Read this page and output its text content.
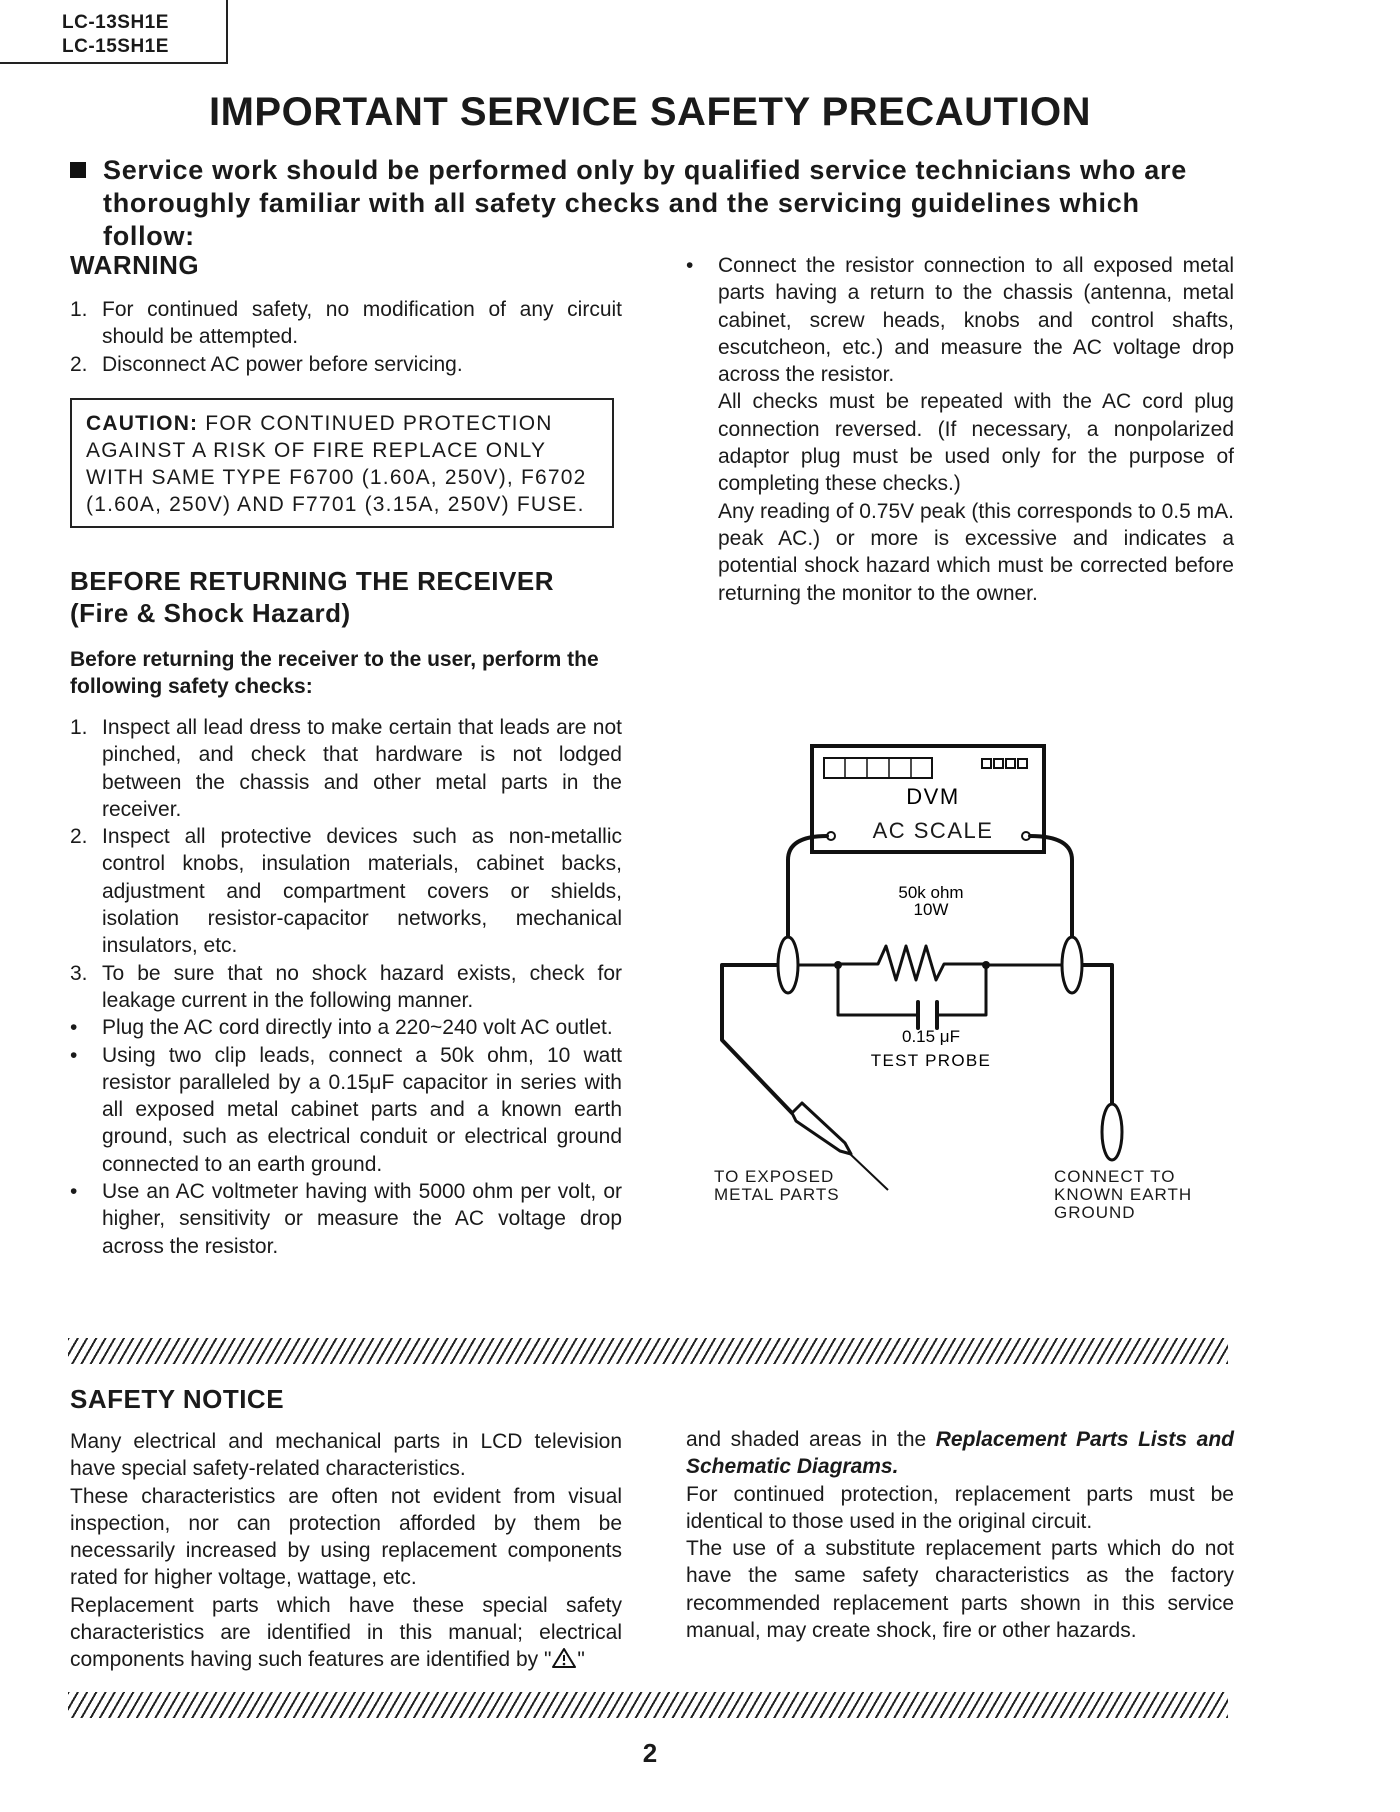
LC-13SH1E
LC-15SH1E
IMPORTANT SERVICE SAFETY PRECAUTION
Service work should be performed only by qualified service technicians who are thoroughly familiar with all safety checks and the servicing guidelines which follow:
WARNING
1. For continued safety, no modification of any circuit should be attempted.
2. Disconnect AC power before servicing.
CAUTION: FOR CONTINUED PROTECTION AGAINST A RISK OF FIRE REPLACE ONLY WITH SAME TYPE F6700 (1.60A, 250V), F6702 (1.60A, 250V) AND F7701 (3.15A, 250V) FUSE.
BEFORE RETURNING THE RECEIVER
(Fire & Shock Hazard)
Before returning the receiver to the user, perform the following safety checks:
1. Inspect all lead dress to make certain that leads are not pinched, and check that hardware is not lodged between the chassis and other metal parts in the receiver.
2. Inspect all protective devices such as non-metallic control knobs, insulation materials, cabinet backs, adjustment and compartment covers or shields, isolation resistor-capacitor networks, mechanical insulators, etc.
3. To be sure that no shock hazard exists, check for leakage current in the following manner.
• Plug the AC cord directly into a 220~240 volt AC outlet.
• Using two clip leads, connect a 50k ohm, 10 watt resistor paralleled by a 0.15μF capacitor in series with all exposed metal cabinet parts and a known earth ground, such as electrical conduit or electrical ground connected to an earth ground.
• Use an AC voltmeter having with 5000 ohm per volt, or higher, sensitivity or measure the AC voltage drop across the resistor.
• Connect the resistor connection to all exposed metal parts having a return to the chassis (antenna, metal cabinet, screw heads, knobs and control shafts, escutcheon, etc.) and measure the AC voltage drop across the resistor.

All checks must be repeated with the AC cord plug connection reversed. (If necessary, a nonpolarized adaptor plug must be used only for the purpose of completing these checks.)

Any reading of 0.75V peak (this corresponds to 0.5 mA. peak AC.) or more is excessive and indicates a potential shock hazard which must be corrected before returning the monitor to the owner.

DVM
50k ohm
10W
0.15 μF
TEST PROBE
AC SCALE
TO EXPOSED
METAL PARTS
CONNECT TO
KNOWN EARTH
GROUND
SAFETY NOTICE

Many electrical and mechanical parts in LCD television have special safety-related characteristics.

These characteristics are often not evident from visual inspection, nor can protection afforded by them be necessarily increased by using replacement components rated for higher voltage, wattage, etc.

Replacement parts which have these special safety characteristics are identified in this manual; electrical components having such features are identified by " "

and shaded areas in the Replacement Parts Lists and Schematic Diagrams.

For continued protection, replacement parts must be identical to those used in the original circuit.

The use of a substitute replacement parts which do not have the same safety characteristics as the factory recommended replacement parts shown in this service manual, may create shock, fire or other hazards.

2
